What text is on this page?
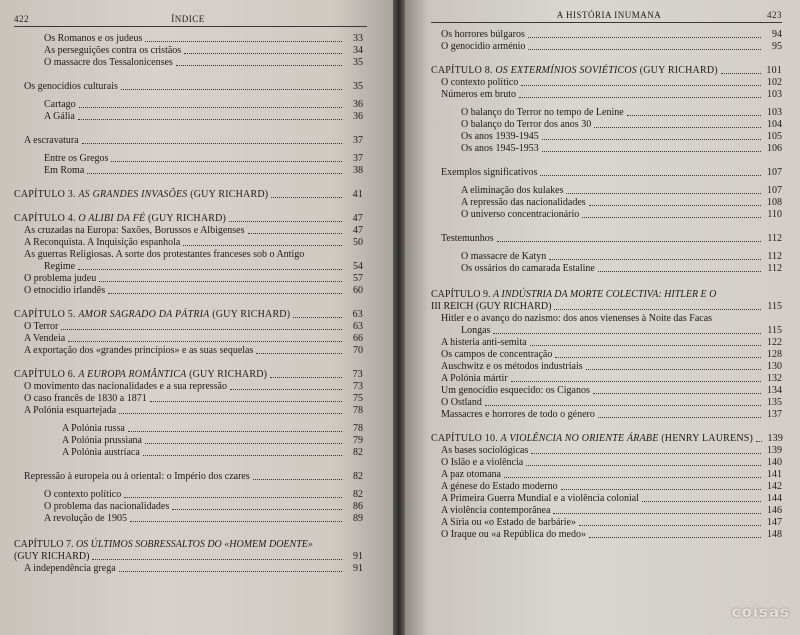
422	ÍNDICE
Os Romanos e os judeus	33
As perseguições contra os cristãos	34
O massacre dos Tessalonicenses	35
Os genocídios culturais	35
Cartago	36
A Gália	36
A escravatura	37
Entre os Gregos	37
Em Roma	38
CAPÍTULO 3. AS GRANDES INVASÕES (GUY RICHARD)	41
CAPÍTULO 4. O ALIBI DA FÉ (GUY RICHARD)	47
As cruzadas na Europa: Saxões, Borussos e Albigenses	47
A Reconquista. A Inquisição espanhola	50
As guerras Religiosas. A sorte dos protestantes franceses sob o Antigo
Regime	54
O problema judeu	57
O etnocídio irlandês	60
CAPÍTULO 5. AMOR SAGRADO DA PÁTRIA (GUY RICHARD)	63
O Terror	63
A Vendeia	66
A exportação dos «grandes princípios» e as suas sequelas	70
CAPÍTULO 6. A EUROPA ROMÂNTICA (GUY RICHARD)	73
O movimento das nacionalidades e a sua repressão	73
O caso francês de 1830 a 1871	75
A Polónia esquartejada	78
A Polónia russa	78
A Polónia prussiana	79
A Polónia austríaca	82
Repressão à europeia ou à oriental: o Império dos czares	82
O contexto político	82
O problema das nacionalidades	86
A revolução de 1905	89
CAPÍTULO 7. OS ÚLTIMOS SOBRESSALTOS DO «HOMEM DOENTE»
(GUY RICHARD)	91
A independência grega	91
A HISTÓRIA INUMANA	423
Os horrores búlgaros	94
O genocídio arménio	95
CAPÍTULO 8. OS EXTERMÍNIOS SOVIÉTICOS (GUY RICHARD)	101
O contexto político	102
Números em bruto	103
O balanço do Terror no tempo de Lenine	103
O balanço do Terror dos anos 30	104
Os anos 1939-1945	105
Os anos 1945-1953	106
Exemplos significativos	107
A eliminação dos kulakes	107
A repressão das nacionalidades	108
O universo concentracionário	110
Testemunhos	112
O massacre de Katyn	112
Os ossários do camarada Estaline	112
CAPÍTULO 9. A INDÚSTRIA DA MORTE COLECTIVA: HITLER E O
III REICH (GUY RICHARD)	115
Hitler e o avanço do nazismo: dos anos vienenses à Noite das Facas
Longas	115
A histeria anti-semita	122
Os campos de concentração	128
Auschwitz e os métodos industriais	130
A Polónia mártir	132
Um genocídio esquecido: os Ciganos	134
O Ostland	135
Massacres e horrores de todo o género	137
CAPÍTULO 10. A VIOLÊNCIA NO ORIENTE ÁRABE (HENRY LAURENS) 139
As bases sociológicas	139
O Islão e a violência	140
A paz otomana	141
A génese do Estado moderno	142
A Primeira Guerra Mundial e a violência colonial	144
A violência contemporânea	146
A Síria ou «o Estado de barbárie»	147
O Iraque ou «a República do medo»	148
coisas
